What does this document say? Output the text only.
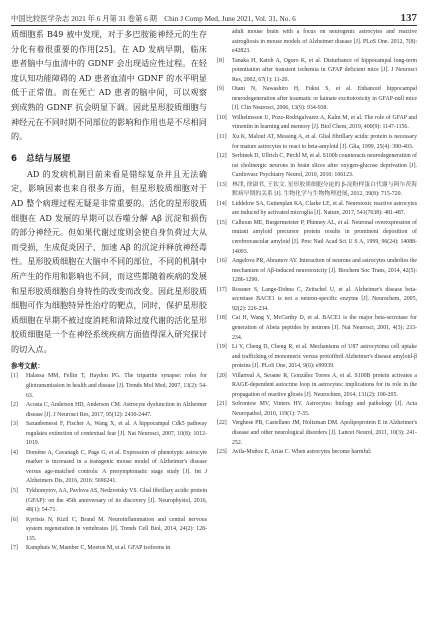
中国比较医学杂志 2021 年 6 月第 31 卷第 6 期　Chin J Comp Med, June 2021, Vol. 31, No. 6	137

质细胞系 B49 被中发现，对于多巴胺能神经元的生存分化有着很重要的作用[25]。在 AD 发病早期，临床患者脑中与血清中的 GDNF 会出现适应性过程。在轻度认知功能障碍的 AD 患者血清中 GDNF 的水平明显低于正常值。而在死亡 AD 患者的脑中间，可以观察到成熟的 GDNF 抗会明显下调。因此星形胶质细胞与神经元在不同时期不同部位的影响和作用也是不尽相同的。

6　总结与展望

AD 的发病机制目前来看是错综复杂并且无法确定，影响因素也来自很多方面，但星形胶质细胞对于 AD 整个病理过程无疑是非常重要的。活化的星形胶质细胞在 AD 发展的早期可以吞噬分解 Aβ 沉淀和损伤的部分神经元。但如果代谢过度则会使自身负荷过大从而受损，生成促炎因子、加速 Aβ 的沉淀并释放神经毒性。星形胶质细胞在大脑中不同的部位，不同的机制中所产生的作用和影响也不同，而这些都随着疾病的发展和星形胶质细胞自身特性的改变而改变。因此星形胶质细胞可作为细胞特异性治疗的靶点，同时，保护星形胶质细胞在早期不被过度消耗和清除过度代谢的活化星形胶质细胞是一个在神经系统疾病方面值得深入研究探讨的切入点。

参考文献：
[1]	Halassa MM, Fellin T, Haydon PG. The tripartite synapse: roles for gliotransmission in health and disease [J]. Trends Mol Med, 2007, 13(2): 54-63.
[2]	Acosta C, Anderson HD, Anderson CM. Astrocyte dysfunction in Alzheimer disease [J]. J Neurosci Res, 2017, 95(12): 2430-2447.
[3]	Saxanbenessi F, Fischer A, Wang X, et al. A hippocampal Cdk5 pathway regulates extinction of contextual fear [J]. Nat Neurosci, 2007, 10(8): 1012-1019.
[4]	Domène A, Cavanagh C, Page G, et al. Expression of phenotypic astrocyte marker is increased in a transgenic mouse model of Alzheimer's disease versus age-matched controls: A presymptomatic stage study [J]. Int J Alzheimers Dis, 2016, 2016: 5696241.
[5]	Tykhomyrov, AA, Pavlova AS, Nedzvetsky VS. Glial fibrillary acidic protein (GFAP): on the 45th anniversary of its discovery [J]. Neurophysiol, 2016, 48(1): 54-71.
[6]	Kyritsis N, Kizil C, Brand M. Neuroinflammation and central nervous system regeneration in vertebrates [J]. Trends Cell Biol, 2014, 24(2): 128-135.
[7]	Kamphuis W, Mamber C, Moeton M, et al. GFAP isoforms in
adult mouse brain with a focus on neurogenic astrocytes and reactive astrogliosis in mouse models of Alzheimer disease [J]. PLoS One. 2012, 7(8): e42823.
[8]	Tanaka H, Katoh A, Oguro K, et al. Disturbance of hippocampal long-term potentiation after transient ischemia in GFAP deficient mice [J]. J Neurosci Res, 2002, 67(1): 11-20.
[9]	Otani N, Nawashiro H, Fukui S, et al. Enhanced hippocampal neurodegeneration after traumatic or kainate excitotoxicity in GFAP-null mice [J]. Clin Neurosci, 2006, 13(9): 934-938.
[10] Wilhelmsson U, Pozo-Rodrigalvarez A, Kalm M, et al. The role of GFAP and vimentin in learning and memory [J]. Biol Chem, 2019, 400(9): 1147-1156.
[11] Xu K, Malouf AT, Messing A, et al. Glial fibrillary acidic protein is necessary for mature astrocytes to react to beta-amyloid [J]. Glia, 1999, 25(4): 390-403.
[12] Serbinek D, Ullrich C, Pirchl M, et al. S100b counteracts neurodegeneration of rat cholinergic neurons in brain slices after oxygen-glucose deprivation [J]. Cardiovasc Psychiatry Neurol, 2010, 2010: 106123.
[13] 林津, 徐淑君, 王钦文. 星形胶质细胞分泌的 β-淀粉样蛋白代谢与阿尔茨海默病早期的关系 [J]. 生物化学与生物物理进展, 2012, 39(8): 715-720.
[14] Liddelow SA, Guttenplan KA, Clarke LE, et al. Neurotoxic reactive astrocytes are induced by activated microglia [J]. Nature, 2017, 541(7638): 481-487.
[15] Calhoun ME, Burgermeister P, Phinney AL, et al. Neuronal overexpression of mutant amyloid precursor protein results in prominent deposition of cerebrovascular amyloid [J]. Proc Natl Acad Sci U S A, 1999, 96(24): 14088-14093.
[16] Angelova PR, Abramov AY. Interaction of neurons and astrocytes underlies the mechanism of Aβ-induced neurotoxicity [J]. Biochem Soc Trans, 2014, 42(5): 1286-1290.
[17] Rossner S, Lange-Dohna C, Zeitschel U, et al. Alzheimer's disease beta-secretase BACE1 is not a neuron-specific enzyme [J]. Neurochem, 2005, 92(2): 226-234.
[18] Cai H, Wang Y, McCarthy D, et al. BACE1 is the major beta-secretase for generation of Abeta peptides by neurons [J]. Nat Neurosci, 2001, 4(3): 233-234.
[19] Li Y, Cheng D, Cheng R, et al. Mechanisms of U87 astrocytoma cell uptake and trafficking of monomeric versus protofibril Alzheimer's disease amyloid-β proteins [J]. PLoS One, 2014, 9(6): e99939.
[20] Villarreal A, Seoane R, González Torres A, et al. S100B protein activates a RAGE-dependent autocrine loop in astrocytes: implications for its role in the propagation of reactive gliosis [J]. Neurochem, 2014, 131(2): 190-205.
[21] Sofroniew MV, Vinters HV. Astrocytes: biology and pathology [J]. Acta Neuropathol, 2010, 119(1): 7-35.
[22] Verghese PB, Castellano JM, Holtzman DM. Apolipoprotein E in Alzheimer's disease and other neurological disorders [J]. Lancet Neurol, 2011, 10(3): 241-252.
[23] Avila-Muñoz E, Arias C. When astrocytes become harmful:
